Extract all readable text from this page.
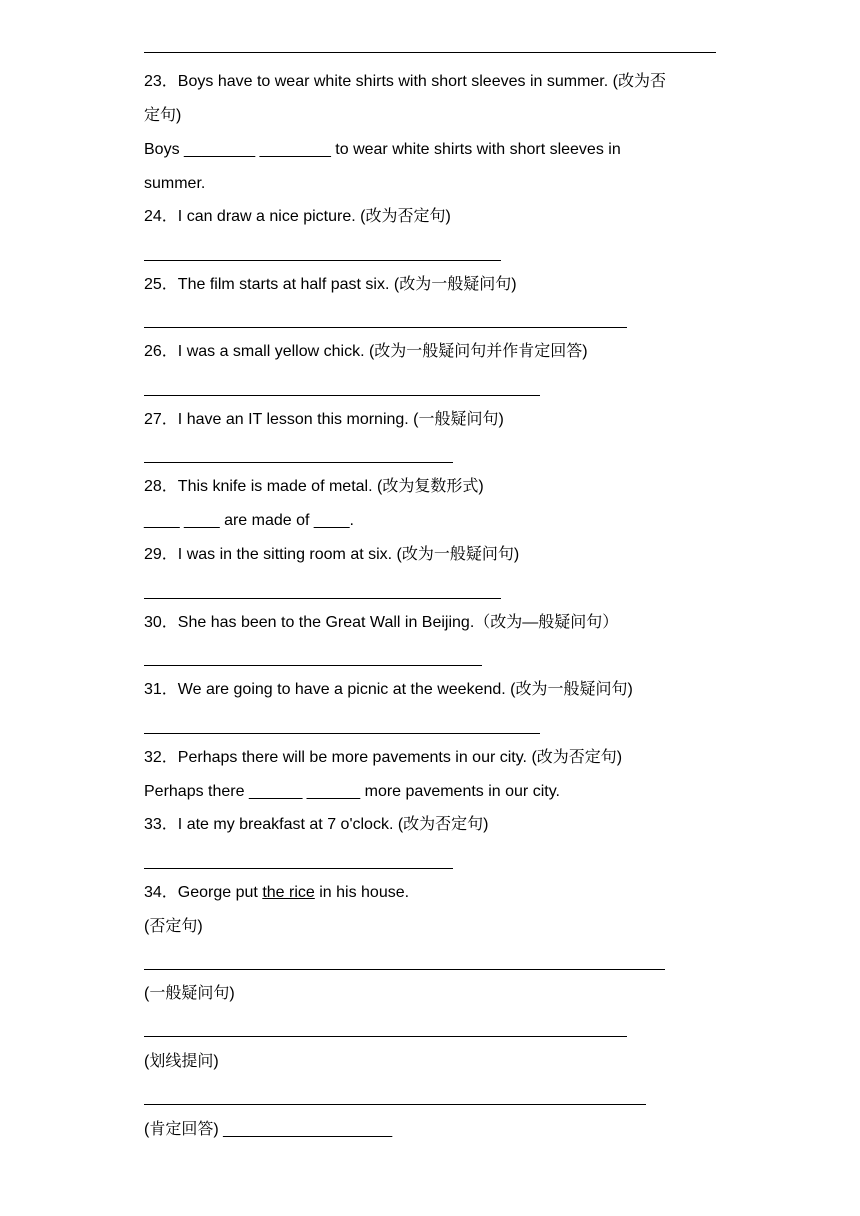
23．Boys have to wear white shirts with short sleeves in summer. (改为否
定句)
Boys ________ ________ to wear white shirts with short sleeves in
summer.
24．I can draw a nice picture. (改为否定句)
25．The film starts at half past six. (改为一般疑问句)
26．I was a small yellow chick. (改为一般疑问句并作肯定回答)
27．I have an IT lesson this morning. (一般疑问句)
28．This knife is made of metal. (改为复数形式)
____ ____ are made of ____.
29．I was in the sitting room at six. (改为一般疑问句)
30．She has been to the Great Wall in Beijing.（改为—般疑问句）
31．We are going to have a picnic at the weekend. (改为一般疑问句)
32．Perhaps there will be more pavements in our city. (改为否定句)
Perhaps there ______ ______ more pavements in our city.
33．I ate my breakfast at 7 o'clock. (改为否定句)
34．George put the rice in his house.
(否定句)
(一般疑问句)
(划线提问)
(肯定回答) ___________________
